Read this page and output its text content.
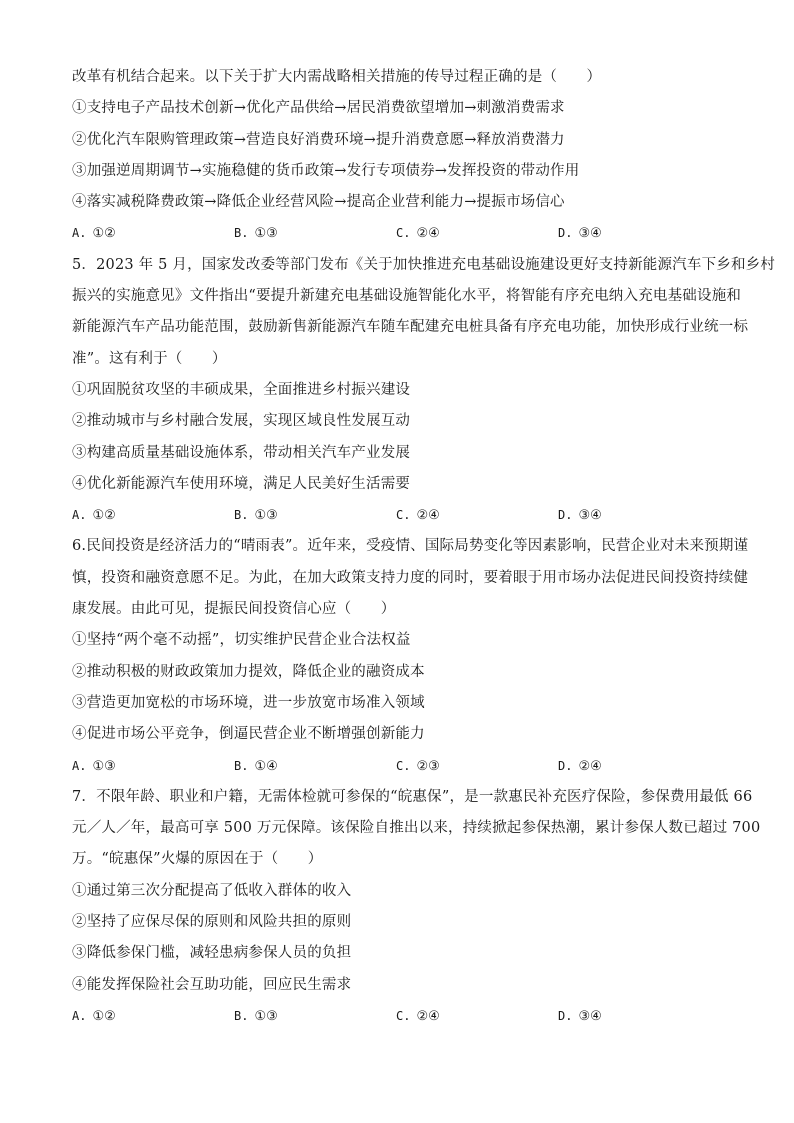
改革有机结合起来。以下关于扩大内需战略相关措施的传导过程正确的是（　　）
①支持电子产品技术创新→优化产品供给→居民消费欲望增加→刺激消费需求
②优化汽车限购管理政策→营造良好消费环境→提升消费意愿→释放消费潜力
③加强逆周期调节→实施稳健的货币政策→发行专项债券→发挥投资的带动作用
④落实减税降费政策→降低企业经营风险→提高企业营利能力→提振市场信心
A. ①②	B. ①③	C. ②④	D. ③④
5．2023 年 5 月，国家发改委等部门发布《关于加快推进充电基础设施建设更好支持新能源汽车下乡和乡村
振兴的实施意见》文件指出“要提升新建充电基础设施智能化水平，将智能有序充电纳入充电基础设施和
新能源汽车产品功能范围，鼓励新售新能源汽车随车配建充电桩具备有序充电功能，加快形成行业统一标
准”。这有利于（　　）
①巩固脱贫攻坚的丰硕成果，全面推进乡村振兴建设
②推动城市与乡村融合发展，实现区域良性发展互动
③构建高质量基础设施体系，带动相关汽车产业发展
④优化新能源汽车使用环境，满足人民美好生活需要
A. ①②	B. ①③	C. ②④	D. ③④
6.民间投资是经济活力的“晴雨表”。近年来，受疫情、国际局势变化等因素影响，民营企业对未来预期谨
慎，投资和融资意愿不足。为此，在加大政策支持力度的同时，要着眼于用市场办法促进民间投资持续健
康发展。由此可见，提振民间投资信心应（　　）
①坚持“两个毫不动摇”，切实维护民营企业合法权益
②推动积极的财政政策加力提效，降低企业的融资成本
③营造更加宽松的市场环境，进一步放宽市场准入领域
④促进市场公平竞争，倒逼民营企业不断增强创新能力
A. ①③	B. ①④	C. ②③	D. ②④
7．不限年龄、职业和户籍，无需体检就可参保的“皖惠保”，是一款惠民补充医疗保险，参保费用最低 66
元／人／年，最高可享 500 万元保障。该保险自推出以来，持续掀起参保热潮，累计参保人数已超过 700
万。“皖惠保”火爆的原因在于（　　）
①通过第三次分配提高了低收入群体的收入
②坚持了应保尽保的原则和风险共担的原则
③降低参保门槛，减轻患病参保人员的负担
④能发挥保险社会互助功能，回应民生需求
A. ①②	B. ①③	C. ②④	D. ③④
